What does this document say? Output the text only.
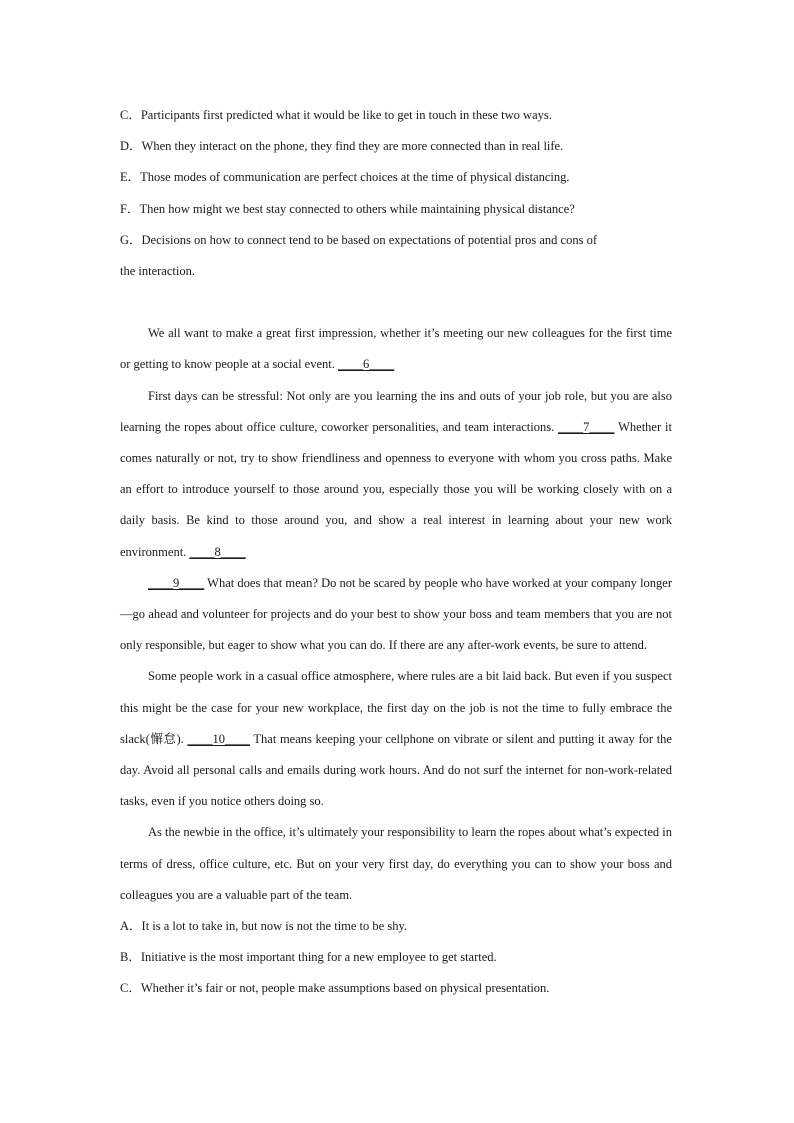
C．Participants first predicted what it would be like to get in touch in these two ways.

D．When they interact on the phone, they find they are more connected than in real life.

E．Those modes of communication are perfect choices at the time of physical distancing.

F．Then how might we best stay connected to others while maintaining physical distance?

G．Decisions on how to connect tend to be based on expectations of potential pros and cons of

the interaction.

We all want to make a great first impression, whether it’s meeting our new colleagues for the first time or getting to know people at a social event. ____6____

First days can be stressful: Not only are you learning the ins and outs of your job role, but you are also learning the ropes about office culture, coworker personalities, and team interactions. ____7____ Whether it comes naturally or not, try to show friendliness and openness to everyone with whom you cross paths. Make an effort to introduce yourself to those around you, especially those you will be working closely with on a daily basis. Be kind to those around you, and show a real interest in learning about your new work environment. ____8____

____9____ What does that mean? Do not be scared by people who have worked at your company longer—go ahead and volunteer for projects and do your best to show your boss and team members that you are not only responsible, but eager to show what you can do. If there are any after-work events, be sure to attend.

Some people work in a casual office atmosphere, where rules are a bit laid back. But even if you suspect this might be the case for your new workplace, the first day on the job is not the time to fully embrace the slack(懈怠). ____10____ That means keeping your cellphone on vibrate or silent and putting it away for the day. Avoid all personal calls and emails during work hours. And do not surf the internet for non-work-related tasks, even if you notice others doing so.

As the newbie in the office, it’s ultimately your responsibility to learn the ropes about what’s expected in terms of dress, office culture, etc. But on your very first day, do everything you can to show your boss and colleagues you are a valuable part of the team.

A．It is a lot to take in, but now is not the time to be shy.

B．Initiative is the most important thing for a new employee to get started.

C．Whether it’s fair or not, people make assumptions based on physical presentation.
